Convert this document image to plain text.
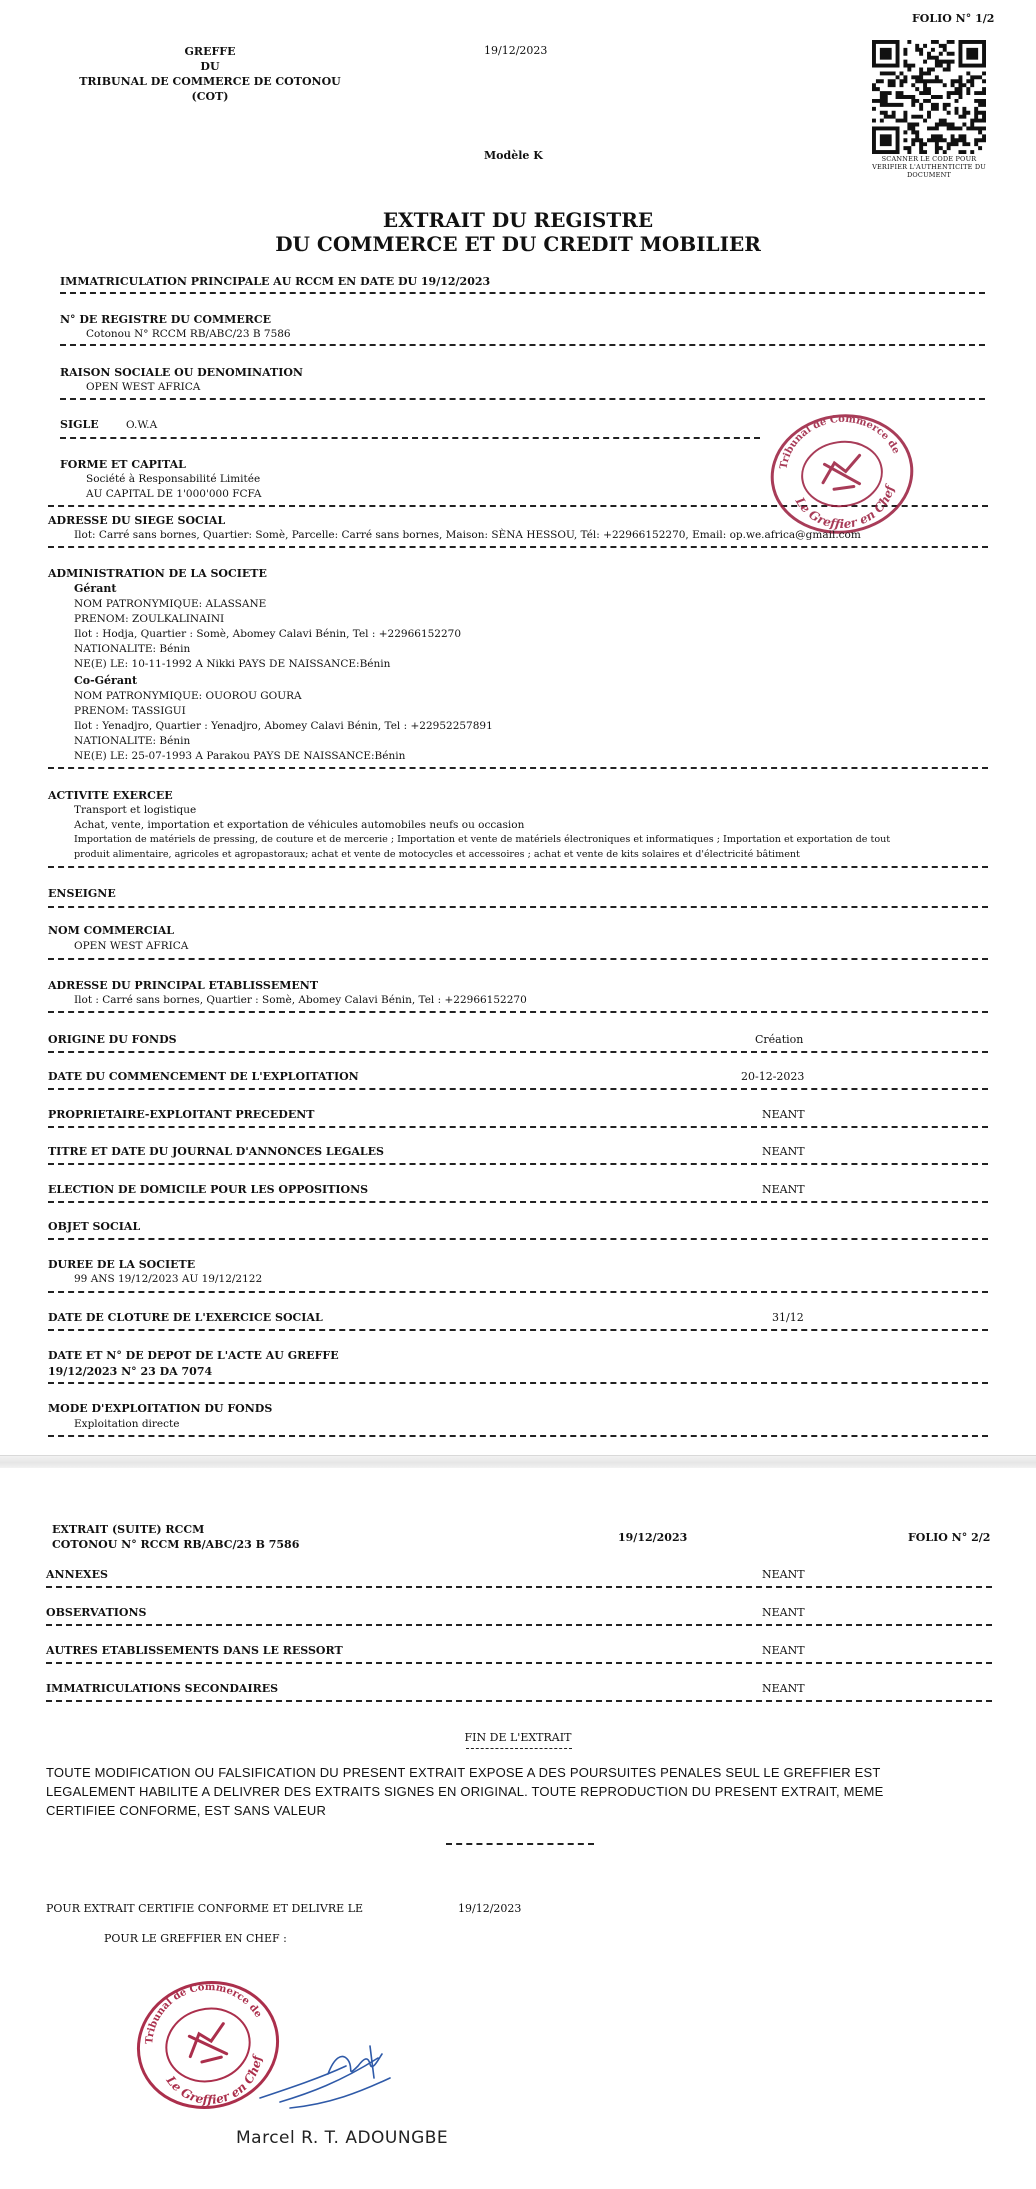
FOLIO N° 1/2
GREFFE
DU
TRIBUNAL DE COMMERCE DE COTONOU (COT)
19/12/2023
SCANNER LE CODE POUR VERIFIER L'AUTHENTICITE DU DOCUMENT
Modèle K
EXTRAIT DU REGISTRE
DU COMMERCE ET DU CREDIT MOBILIER
IMMATRICULATION PRINCIPALE AU RCCM EN DATE DU 19/12/2023
N° DE REGISTRE DU COMMERCE
Cotonou N° RCCM RB/ABC/23 B 7586
RAISON SOCIALE OU DENOMINATION
OPEN WEST AFRICA
SIGLE	O.W.A
FORME ET CAPITAL
Société à Responsabilité Limitée
AU CAPITAL DE 1'000'000 FCFA
Tribunal de Commerce de
Le Greffier en Chef
ADRESSE DU SIEGE SOCIAL
Ilot: Carré sans bornes, Quartier: Somè, Parcelle: Carré sans bornes, Maison: SÈNA HESSOU, Tél: +22966152270, Email: op.we.africa@gmail.com
ADMINISTRATION DE LA SOCIETE
Gérant
NOM PATRONYMIQUE: ALASSANE
PRENOM: ZOULKALINAINI
Ilot : Hodja, Quartier : Somè, Abomey Calavi Bénin, Tel : +22966152270
NATIONALITE: Bénin
NE(E) LE: 10-11-1992 A Nikki PAYS DE NAISSANCE:Bénin
Co-Gérant
NOM PATRONYMIQUE: OUOROU GOURA
PRENOM: TASSIGUI
Ilot : Yenadjro, Quartier : Yenadjro, Abomey Calavi Bénin, Tel : +22952257891
NATIONALITE: Bénin
NE(E) LE: 25-07-1993 A Parakou PAYS DE NAISSANCE:Bénin
ACTIVITE EXERCEE
Transport et logistique
Achat, vente, importation et exportation de véhicules automobiles neufs ou occasion
Importation de matériels de pressing, de couture et de mercerie ; Importation et vente de matériels électroniques et informatiques ; Importation et exportation de tout
produit alimentaire, agricoles et agropastoraux; achat et vente de motocycles et accessoires ; achat et vente de kits solaires et d'électricité bâtiment
ENSEIGNE
NOM COMMERCIAL
OPEN WEST AFRICA
ADRESSE DU PRINCIPAL ETABLISSEMENT
Ilot : Carré sans bornes, Quartier : Somè, Abomey Calavi Bénin, Tel : +22966152270
ORIGINE DU FONDS	Création
DATE DU COMMENCEMENT DE L'EXPLOITATION	20-12-2023
PROPRIETAIRE-EXPLOITANT PRECEDENT	NEANT
TITRE ET DATE DU JOURNAL D'ANNONCES LEGALES	NEANT
ELECTION DE DOMICILE POUR LES OPPOSITIONS	NEANT
OBJET SOCIAL
DUREE DE LA SOCIETE
99 ANS 19/12/2023 AU 19/12/2122
DATE DE CLOTURE DE L'EXERCICE SOCIAL	31/12
DATE ET N° DE DEPOT DE L'ACTE AU GREFFE
19/12/2023 N° 23 DA 7074
MODE D'EXPLOITATION DU FONDS
Exploitation directe
EXTRAIT (SUITE) RCCM
COTONOU N° RCCM RB/ABC/23 B 7586
19/12/2023	FOLIO N° 2/2
ANNEXES	NEANT
OBSERVATIONS	NEANT
AUTRES ETABLISSEMENTS DANS LE RESSORT	NEANT
IMMATRICULATIONS SECONDAIRES	NEANT
FIN DE L'EXTRAIT
TOUTE MODIFICATION OU FALSIFICATION DU PRESENT EXTRAIT EXPOSE A DES POURSUITES PENALES SEUL LE GREFFIER EST
LEGALEMENT HABILITE A DELIVRER DES EXTRAITS SIGNES EN ORIGINAL. TOUTE REPRODUCTION DU PRESENT EXTRAIT, MEME
CERTIFIEE CONFORME, EST SANS VALEUR
POUR EXTRAIT CERTIFIE CONFORME ET DELIVRE LE	19/12/2023
POUR LE GREFFIER EN CHEF :
Tribunal de Commerce de
Le Greffier en Chef
Marcel R. T. ADOUNGBE
